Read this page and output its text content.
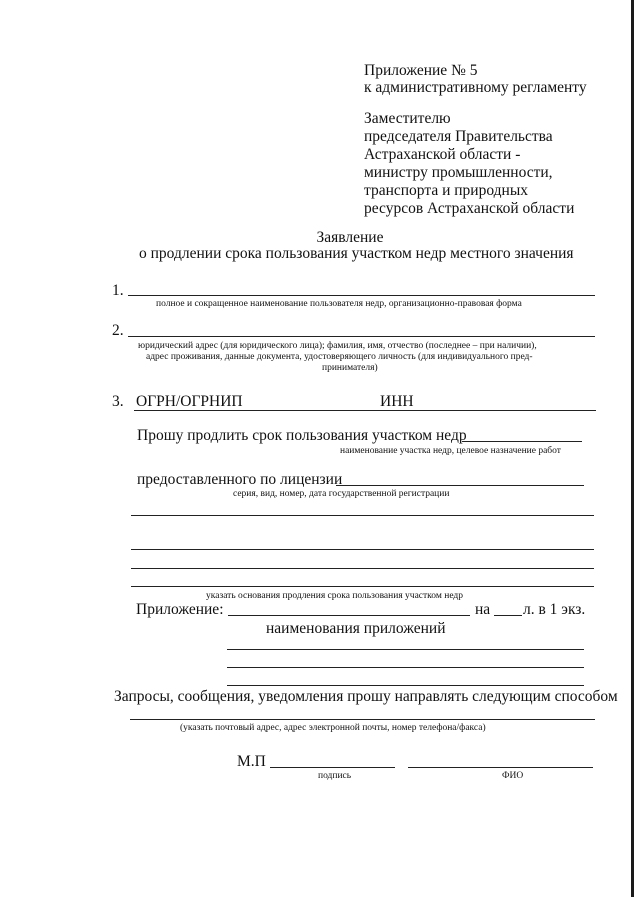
Приложение № 5
к административному регламенту
Заместителю
председателя Правительства
Астраханской области -
министру промышленности,
транспорта и природных
ресурсов Астраханской области
Заявление
о продлении срока пользования участком недр местного значения
1.
полное и сокращенное наименование пользователя недр, организационно-правовая форма
2.
юридический адрес (для юридического лица); фамилия, имя, отчество (последнее – при наличии),
адрес проживания, данные документа, удостоверяющего личность (для индивидуального пред-
принимателя)
3. ОГРН/ОГРНИП	ИНН
Прошу продлить срок пользования участком недр
наименование участка недр, целевое назначение работ
предоставленного по лицензии
серия, вид, номер, дата государственной регистрации
указать основания продления срока пользования участком недр
Приложение:	на л. в 1 экз.
наименования приложений
Запросы, сообщения, уведомления прошу направлять следующим способом
(указать почтовый адрес, адрес электронной почты, номер телефона/факса)
М.П
подпись	ФИО
